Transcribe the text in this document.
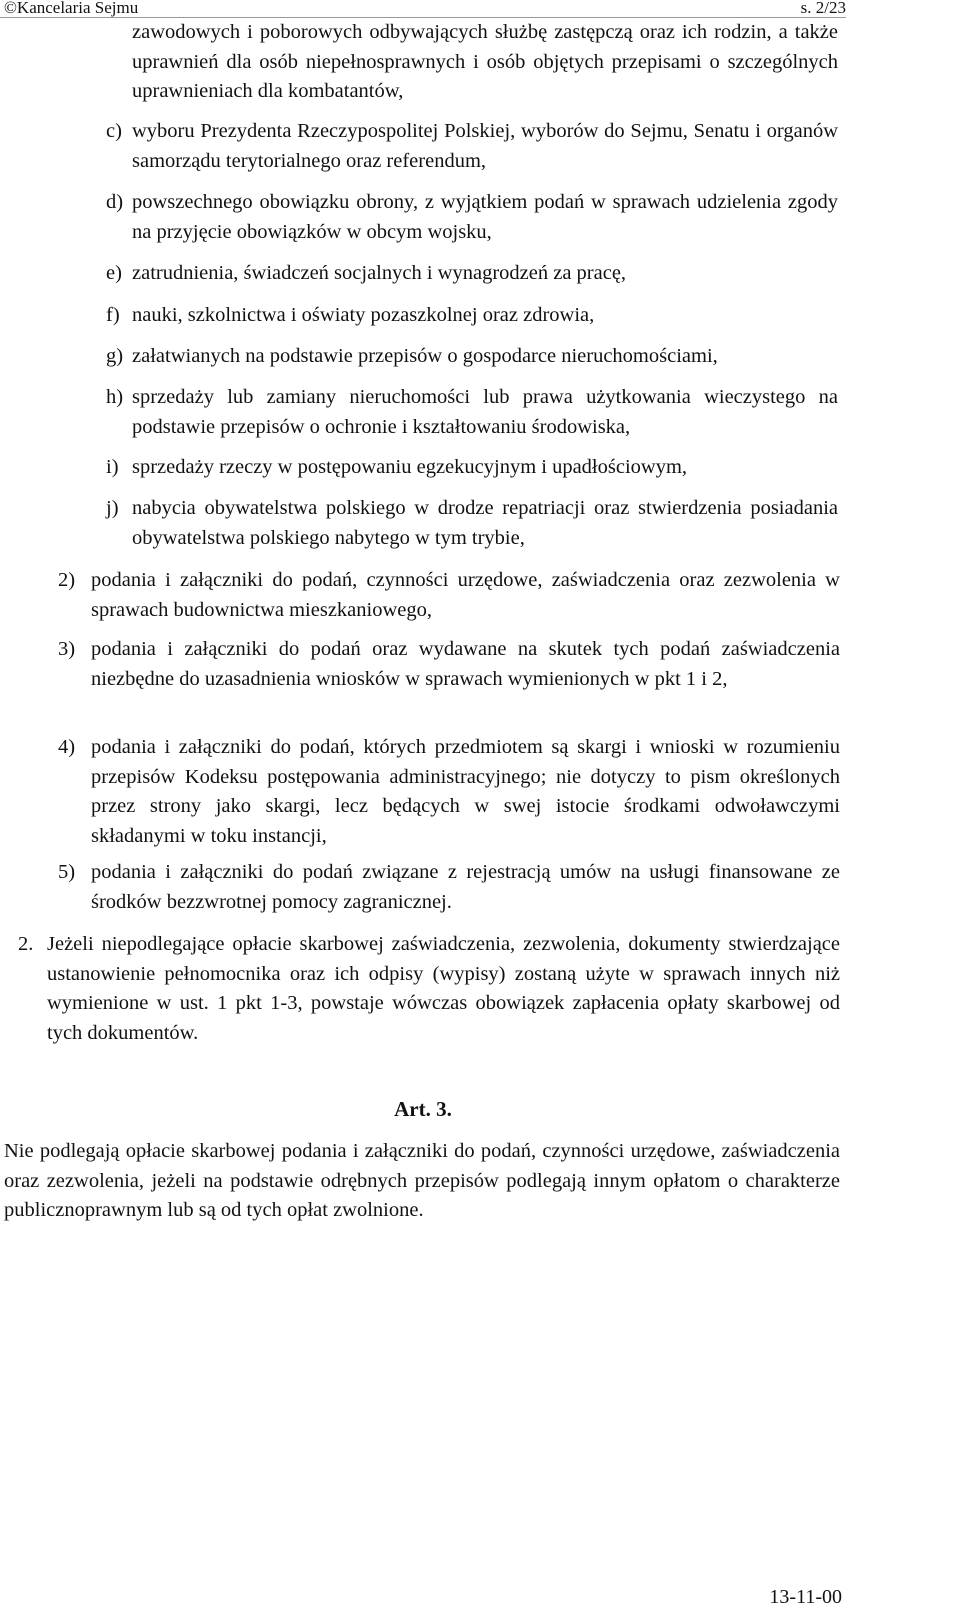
©Kancelaria Sejmu	s. 2/23
zawodowych i poborowych odbywających służbę zastępczą oraz ich rodzin, a także uprawnień dla osób niepełnosprawnych i osób objętych przepisami o szczególnych uprawnieniach dla kombatantów,
c) wyboru Prezydenta Rzeczypospolitej Polskiej, wyborów do Sejmu, Senatu i organów samorządu terytorialnego oraz referendum,
d) powszechnego obowiązku obrony, z wyjątkiem podań w sprawach udzielenia zgody na przyjęcie obowiązków w obcym wojsku,
e) zatrudnienia, świadczeń socjalnych i wynagrodzeń za pracę,
f) nauki, szkolnictwa i oświaty pozaszkolnej oraz zdrowia,
g) załatwianych na podstawie przepisów o gospodarce nieruchomościami,
h) sprzedaży lub zamiany nieruchomości lub prawa użytkowania wieczystego na podstawie przepisów o ochronie i kształtowaniu środowiska,
i) sprzedaży rzeczy w postępowaniu egzekucyjnym i upadłościowym,
j) nabycia obywatelstwa polskiego w drodze repatriacji oraz stwierdzenia posiadania obywatelstwa polskiego nabytego w tym trybie,
2) podania i załączniki do podań, czynności urzędowe, zaświadczenia oraz zezwolenia w sprawach budownictwa mieszkaniowego,
3) podania i załączniki do podań oraz wydawane na skutek tych podań zaświadczenia niezbędne do uzasadnienia wniosków w sprawach wymienionych w pkt 1 i 2,
4) podania i załączniki do podań, których przedmiotem są skargi i wnioski w rozumieniu przepisów Kodeksu postępowania administracyjnego; nie dotyczy to pism określonych przez strony jako skargi, lecz będących w swej istocie środkami odwoławczymi składanymi w toku instancji,
5) podania i załączniki do podań związane z rejestracją umów na usługi finansowane ze środków bezzwrotnej pomocy zagranicznej.
2. Jeżeli niepodlegające opłacie skarbowej zaświadczenia, zezwolenia, dokumenty stwierdzające ustanowienie pełnomocnika oraz ich odpisy (wypisy) zostaną użyte w sprawach innych niż wymienione w ust. 1 pkt 1-3, powstaje wówczas obowiązek zapłacenia opłaty skarbowej od tych dokumentów.
Art. 3.
Nie podlegają opłacie skarbowej podania i załączniki do podań, czynności urzędowe, zaświadczenia oraz zezwolenia, jeżeli na podstawie odrębnych przepisów podlegają innym opłatom o charakterze publicznoprawnym lub są od tych opłat zwolnione.
13-11-00
